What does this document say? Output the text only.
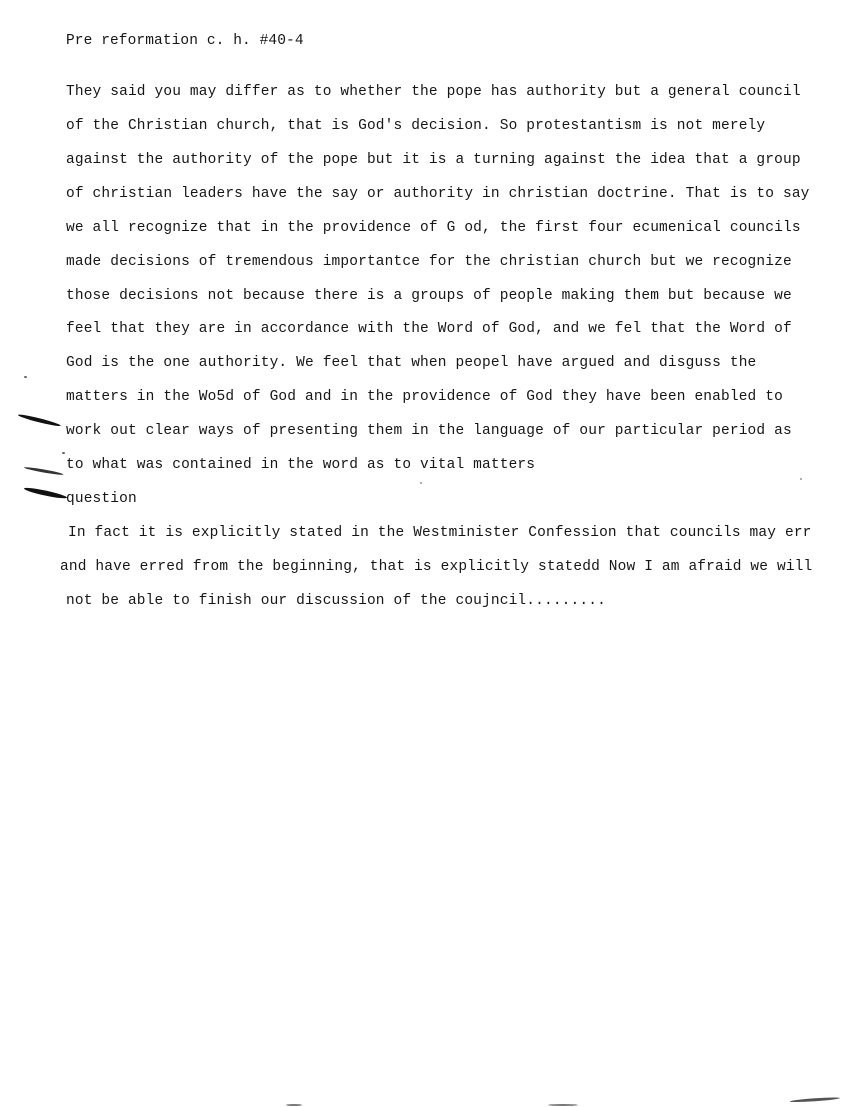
Pre reformation c. h. #40-4
They said you may differ as to whether the pope has authority but a general council
of the Christian church, that is God's decision. So protestantism is not merely
against the authority of the pope but it is a turning against the idea that a group
of christian leaders have the say or authority in christian doctrine. That is to say
we all recognize that in the providence of G od, the first four ecumenical councils
made decisions of tremendous importantce for the christian church but we recognize
those decisions not because there is a groups of people making them but because we
feel that they are in accordance with the Word of God, and we fel that the Word of
God is the one authority. We feel that when peopel have argued and disguss the
matters in the Wo5d of God and in the providence of God they have been enabled to
work out clear ways of presenting them in the language of our particular period as
to what was contained in the word as to vital matters
question
In fact it is explicitly stated in the Westminister Confession that councils may err
and have erred from the beginning, that is explicitly statedd Now I am afraid we will
not be able to finish our discussion of the coujncil.........
